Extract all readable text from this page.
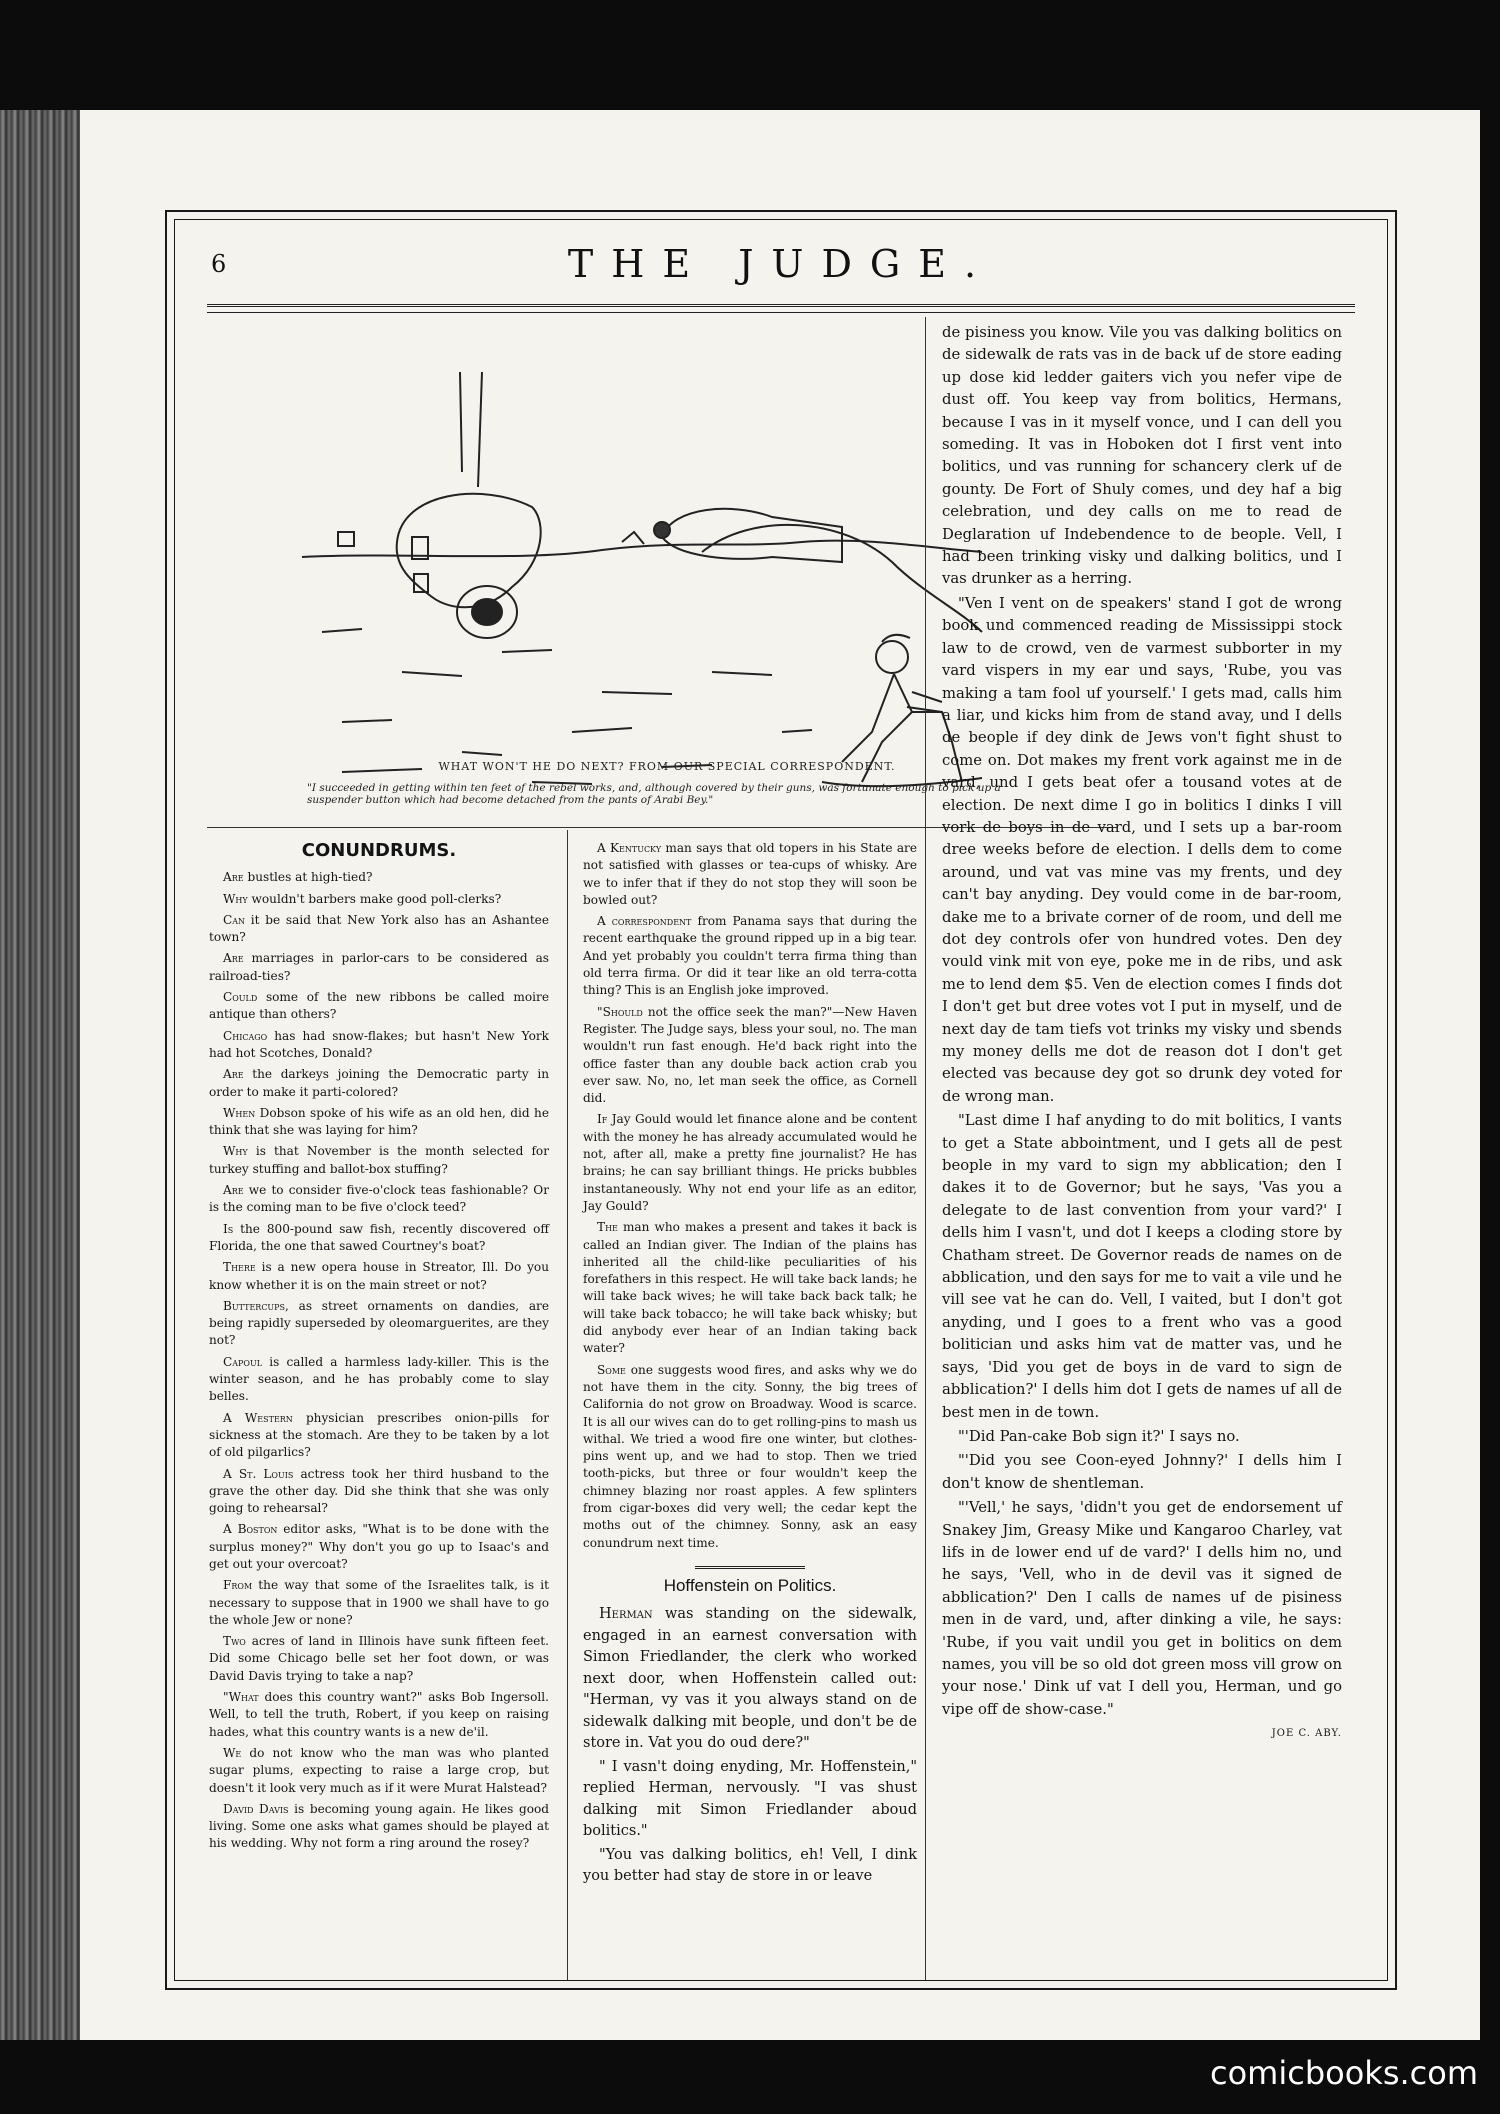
6	THE JUDGE.
WHAT WON'T HE DO NEXT? FROM OUR SPECIAL CORRESPONDENT.
"I succeeded in getting within ten feet of the rebel works, and, although covered by their guns, was fortunate enough to pick up a suspender button which had become detached from the pants of Arabi Bey."
CONUNDRUMS.

Are bustles at high-tied?

Why wouldn't barbers make good poll-clerks?

Can it be said that New York also has an Ashantee town?

Are marriages in parlor-cars to be considered as railroad-ties?

Could some of the new ribbons be called moire antique than others?

Chicago has had snow-flakes; but hasn't New York had hot Scotches, Donald?

Are the darkeys joining the Democratic party in order to make it parti-colored?

When Dobson spoke of his wife as an old hen, did he think that she was laying for him?

Why is that November is the month selected for turkey stuffing and ballot-box stuffing?

Are we to consider five-o'clock teas fashionable? Or is the coming man to be five o'clock teed?

Is the 800-pound saw fish, recently discovered off Florida, the one that sawed Courtney's boat?

There is a new opera house in Streator, Ill. Do you know whether it is on the main street or not?

Buttercups, as street ornaments on dandies, are being rapidly superseded by oleomarguerites, are they not?

Capoul is called a harmless lady-killer. This is the winter season, and he has probably come to slay belles.

A Western physician prescribes onion-pills for sickness at the stomach. Are they to be taken by a lot of old pilgarlics?

A St. Louis actress took her third husband to the grave the other day. Did she think that she was only going to rehearsal?

A Boston editor asks, "What is to be done with the surplus money?" Why don't you go up to Isaac's and get out your overcoat?

From the way that some of the Israelites talk, is it necessary to suppose that in 1900 we shall have to go the whole Jew or none?

Two acres of land in Illinois have sunk fifteen feet. Did some Chicago belle set her foot down, or was David Davis trying to take a nap?

"What does this country want?" asks Bob Ingersoll. Well, to tell the truth, Robert, if you keep on raising hades, what this country wants is a new de'il.

We do not know who the man was who planted sugar plums, expecting to raise a large crop, but doesn't it look very much as if it were Murat Halstead?

David Davis is becoming young again. He likes good living. Some one asks what games should be played at his wedding. Why not form a ring around the rosey?

A Kentucky man says that old topers in his State are not satisfied with glasses or tea-cups of whisky. Are we to infer that if they do not stop they will soon be bowled out?

A correspondent from Panama says that during the recent earthquake the ground ripped up in a big tear. And yet probably you couldn't terra firma thing than old terra firma. Or did it tear like an old terra-cotta thing? This is an English joke improved.

"Should not the office seek the man?"—New Haven Register. The Judge says, bless your soul, no. The man wouldn't run fast enough. He'd back right into the office faster than any double back action crab you ever saw. No, no, let man seek the office, as Cornell did.

If Jay Gould would let finance alone and be content with the money he has already accumulated would he not, after all, make a pretty fine journalist? He has brains; he can say brilliant things. He pricks bubbles instantaneously. Why not end your life as an editor, Jay Gould?

The man who makes a present and takes it back is called an Indian giver. The Indian of the plains has inherited all the child-like peculiarities of his forefathers in this respect. He will take back lands; he will take back wives; he will take back back talk; he will take back tobacco; he will take back whisky; but did anybody ever hear of an Indian taking back water?

Some one suggests wood fires, and asks why we do not have them in the city. Sonny, the big trees of California do not grow on Broadway. Wood is scarce. It is all our wives can do to get rolling-pins to mash us withal. We tried a wood fire one winter, but clothes-pins went up, and we had to stop. Then we tried tooth-picks, but three or four wouldn't keep the chimney blazing nor roast apples. A few splinters from cigar-boxes did very well; the cedar kept the moths out of the chimney. Sonny, ask an easy conundrum next time.

Hoffenstein on Politics.

Herman was standing on the sidewalk, engaged in an earnest conversation with Simon Friedlander, the clerk who worked next door, when Hoffenstein called out: "Herman, vy vas it you always stand on de sidewalk dalking mit beople, und don't be de store in. Vat you do oud dere?"

" I vasn't doing enyding, Mr. Hoffenstein," replied Herman, nervously. "I vas shust dalking mit Simon Friedlander aboud bolitics."

"You vas dalking bolitics, eh! Vell, I dink you better had stay de store in or leave

de pisiness you know. Vile you vas dalking bolitics on de sidewalk de rats vas in de back uf de store eading up dose kid ledder gaiters vich you nefer vipe de dust off. You keep vay from bolitics, Hermans, because I vas in it myself vonce, und I can dell you someding. It vas in Hoboken dot I first vent into bolitics, und vas running for schancery clerk uf de gounty. De Fort of Shuly comes, und dey haf a big celebration, und dey calls on me to read de Deglaration uf Indebendence to de beople. Vell, I had been trinking visky und dalking bolitics, und I vas drunker as a herring.

"Ven I vent on de speakers' stand I got de wrong book und commenced reading de Mississippi stock law to de crowd, ven de varmest subborter in my vard vispers in my ear und says, 'Rube, you vas making a tam fool uf yourself.' I gets mad, calls him a liar, und kicks him from de stand avay, und I dells de beople if dey dink de Jews von't fight shust to come on. Dot makes my frent vork against me in de vard, und I gets beat ofer a tousand votes at de election. De next dime I go in bolitics I dinks I vill vork de boys in de vard, und I sets up a bar-room dree weeks before de election. I dells dem to come around, und vat vas mine vas my frents, und dey can't bay anyding. Dey vould come in de bar-room, dake me to a brivate corner of de room, und dell me dot dey controls ofer von hundred votes. Den dey vould vink mit von eye, poke me in de ribs, und ask me to lend dem $5. Ven de election comes I finds dot I don't get but dree votes vot I put in myself, und de next day de tam tiefs vot trinks my visky und sbends my money dells me dot de reason dot I don't get elected vas because dey got so drunk dey voted for de wrong man.

"Last dime I haf anyding to do mit bolitics, I vants to get a State abbointment, und I gets all de pest beople in my vard to sign my abblication; den I dakes it to de Governor; but he says, 'Vas you a delegate to de last convention from your vard?' I dells him I vasn't, und dot I keeps a cloding store by Chatham street. De Governor reads de names on de abblication, und den says for me to vait a vile und he vill see vat he can do. Vell, I vaited, but I don't got anyding, und I goes to a frent who vas a good bolitician und asks him vat de matter vas, und he says, 'Did you get de boys in de vard to sign de abblication?' I dells him dot I gets de names uf all de best men in de town.

"'Did Pan-cake Bob sign it?' I says no.

"'Did you see Coon-eyed Johnny?' I dells him I don't know de shentleman.

"'Vell,' he says, 'didn't you get de endorsement uf Snakey Jim, Greasy Mike und Kangaroo Charley, vat lifs in de lower end uf de vard?' I dells him no, und he says, 'Vell, who in de devil vas it signed de abblication?' Den I calls de names uf de pisiness men in de vard, und, after dinking a vile, he says: 'Rube, if you vait undil you get in bolitics on dem names, you vill be so old dot green moss vill grow on your nose.' Dink uf vat I dell you, Herman, und go vipe off de show-case."

JOE C. ABY.
comicbooks.com
